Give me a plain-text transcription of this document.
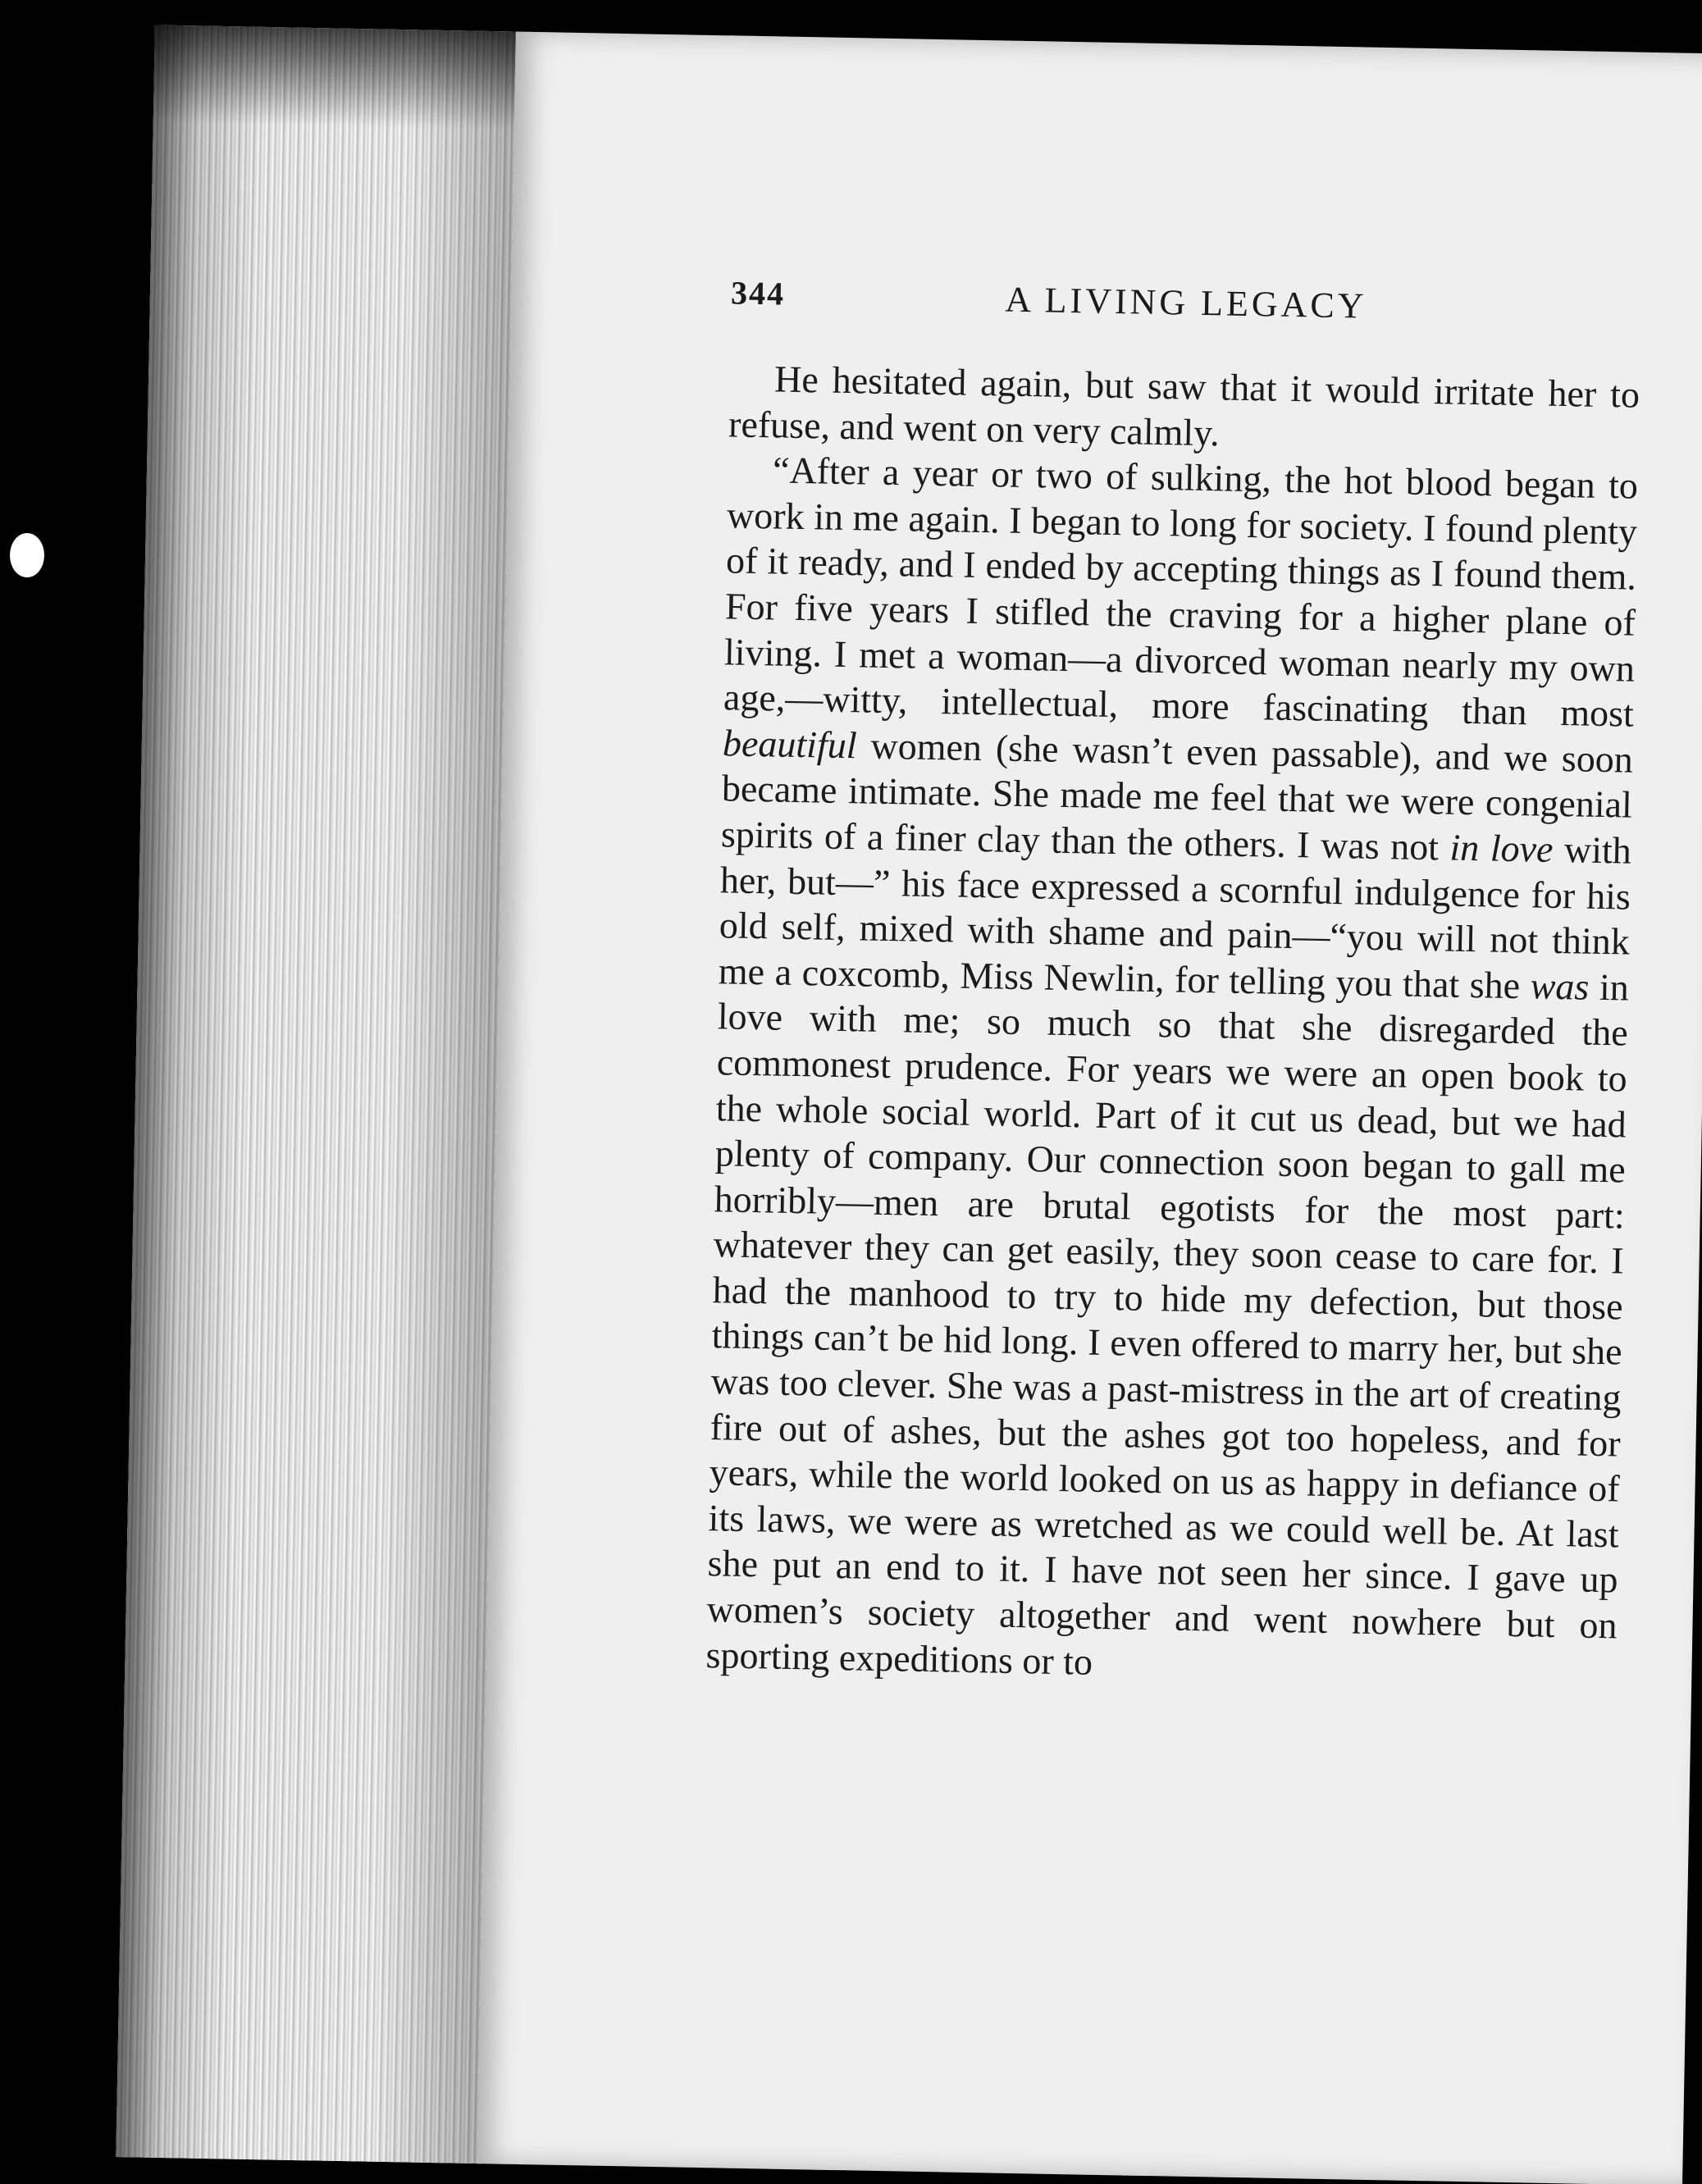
344	A LIVING LEGACY

He hesitated again, but saw that it would irritate her to refuse, and went on very calmly.

“After a year or two of sulking, the hot blood began to work in me again. I began to long for society. I found plenty of it ready, and I ended by accepting things as I found them. For five years I stifled the craving for a higher plane of living. I met a woman—a divorced woman nearly my own age,—witty, intellectual, more fascinating than most beautiful women (she wasn’t even passable), and we soon became intimate. She made me feel that we were congenial spirits of a finer clay than the others. I was not in love with her, but—” his face expressed a scornful indulgence for his old self, mixed with shame and pain—“you will not think me a coxcomb, Miss Newlin, for telling you that she was in love with me; so much so that she disregarded the commonest prudence. For years we were an open book to the whole social world. Part of it cut us dead, but we had plenty of company. Our connection soon began to gall me horribly—men are brutal egotists for the most part: whatever they can get easily, they soon cease to care for. I had the manhood to try to hide my defection, but those things can’t be hid long. I even offered to marry her, but she was too clever. She was a past-mistress in the art of creating fire out of ashes, but the ashes got too hopeless, and for years, while the world looked on us as happy in defiance of its laws, we were as wretched as we could well be. At last she put an end to it. I have not seen her since. I gave up women’s society altogether and went nowhere but on sporting expeditions or to
